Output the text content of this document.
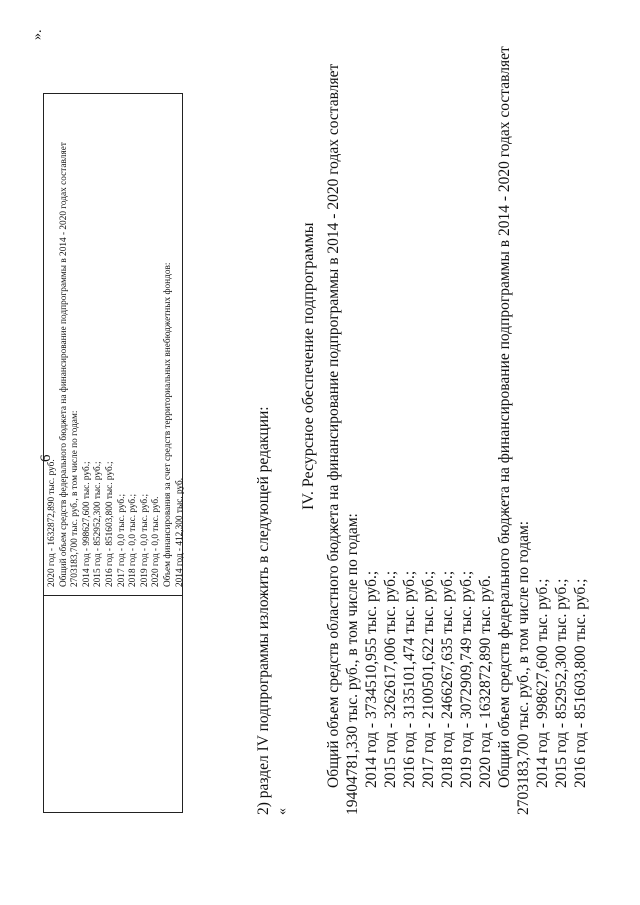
6
2020 год - 1632872,890 тыс. руб. Общий объем средств федерального бюджета на финансирование подпрограммы в 2014 - 2020 годах составляет 2703183,700 тыс. руб., в том числе по годам: 2014 год - 998627,600 тыс. руб.; 2015 год - 852952,300 тыс. руб.; 2016 год - 851603,800 тыс. руб.; 2017 год - 0,0 тыс. руб.; 2018 год - 0,0 тыс. руб.; 2019 год - 0,0 тыс. руб.; 2020 год - 0,0 тыс. руб. Объем финансирования за счет средств территориальных внебюджетных фондов: 2014 год - 412,300 тыс. руб.
».
2) раздел IV подпрограммы изложить в следующей редакции: «
IV. Ресурсное обеспечение подпрограммы Общий объем средств областного бюджета на финансирование подпрограммы в 2014 - 2020 годах составляет 19404781,330 тыс. руб., в том числе по годам: 2014 год - 3734510,955 тыс. руб.; 2015 год - 3262617,006 тыс. руб.; 2016 год - 3135101,474 тыс. руб.; 2017 год - 2100501,622 тыс. руб.; 2018 год - 2466267,635 тыс. руб.; 2019 год - 3072909,749 тыс. руб.; 2020 год - 1632872,890 тыс. руб. Общий объем средств федерального бюджета на финансирование подпрограммы в 2014 - 2020 годах составляет 2703183,700 тыс. руб., в том числе по годам: 2014 год - 998627,600 тыс. руб.; 2015 год - 852952,300 тыс. руб.; 2016 год - 851603,800 тыс. руб.;
